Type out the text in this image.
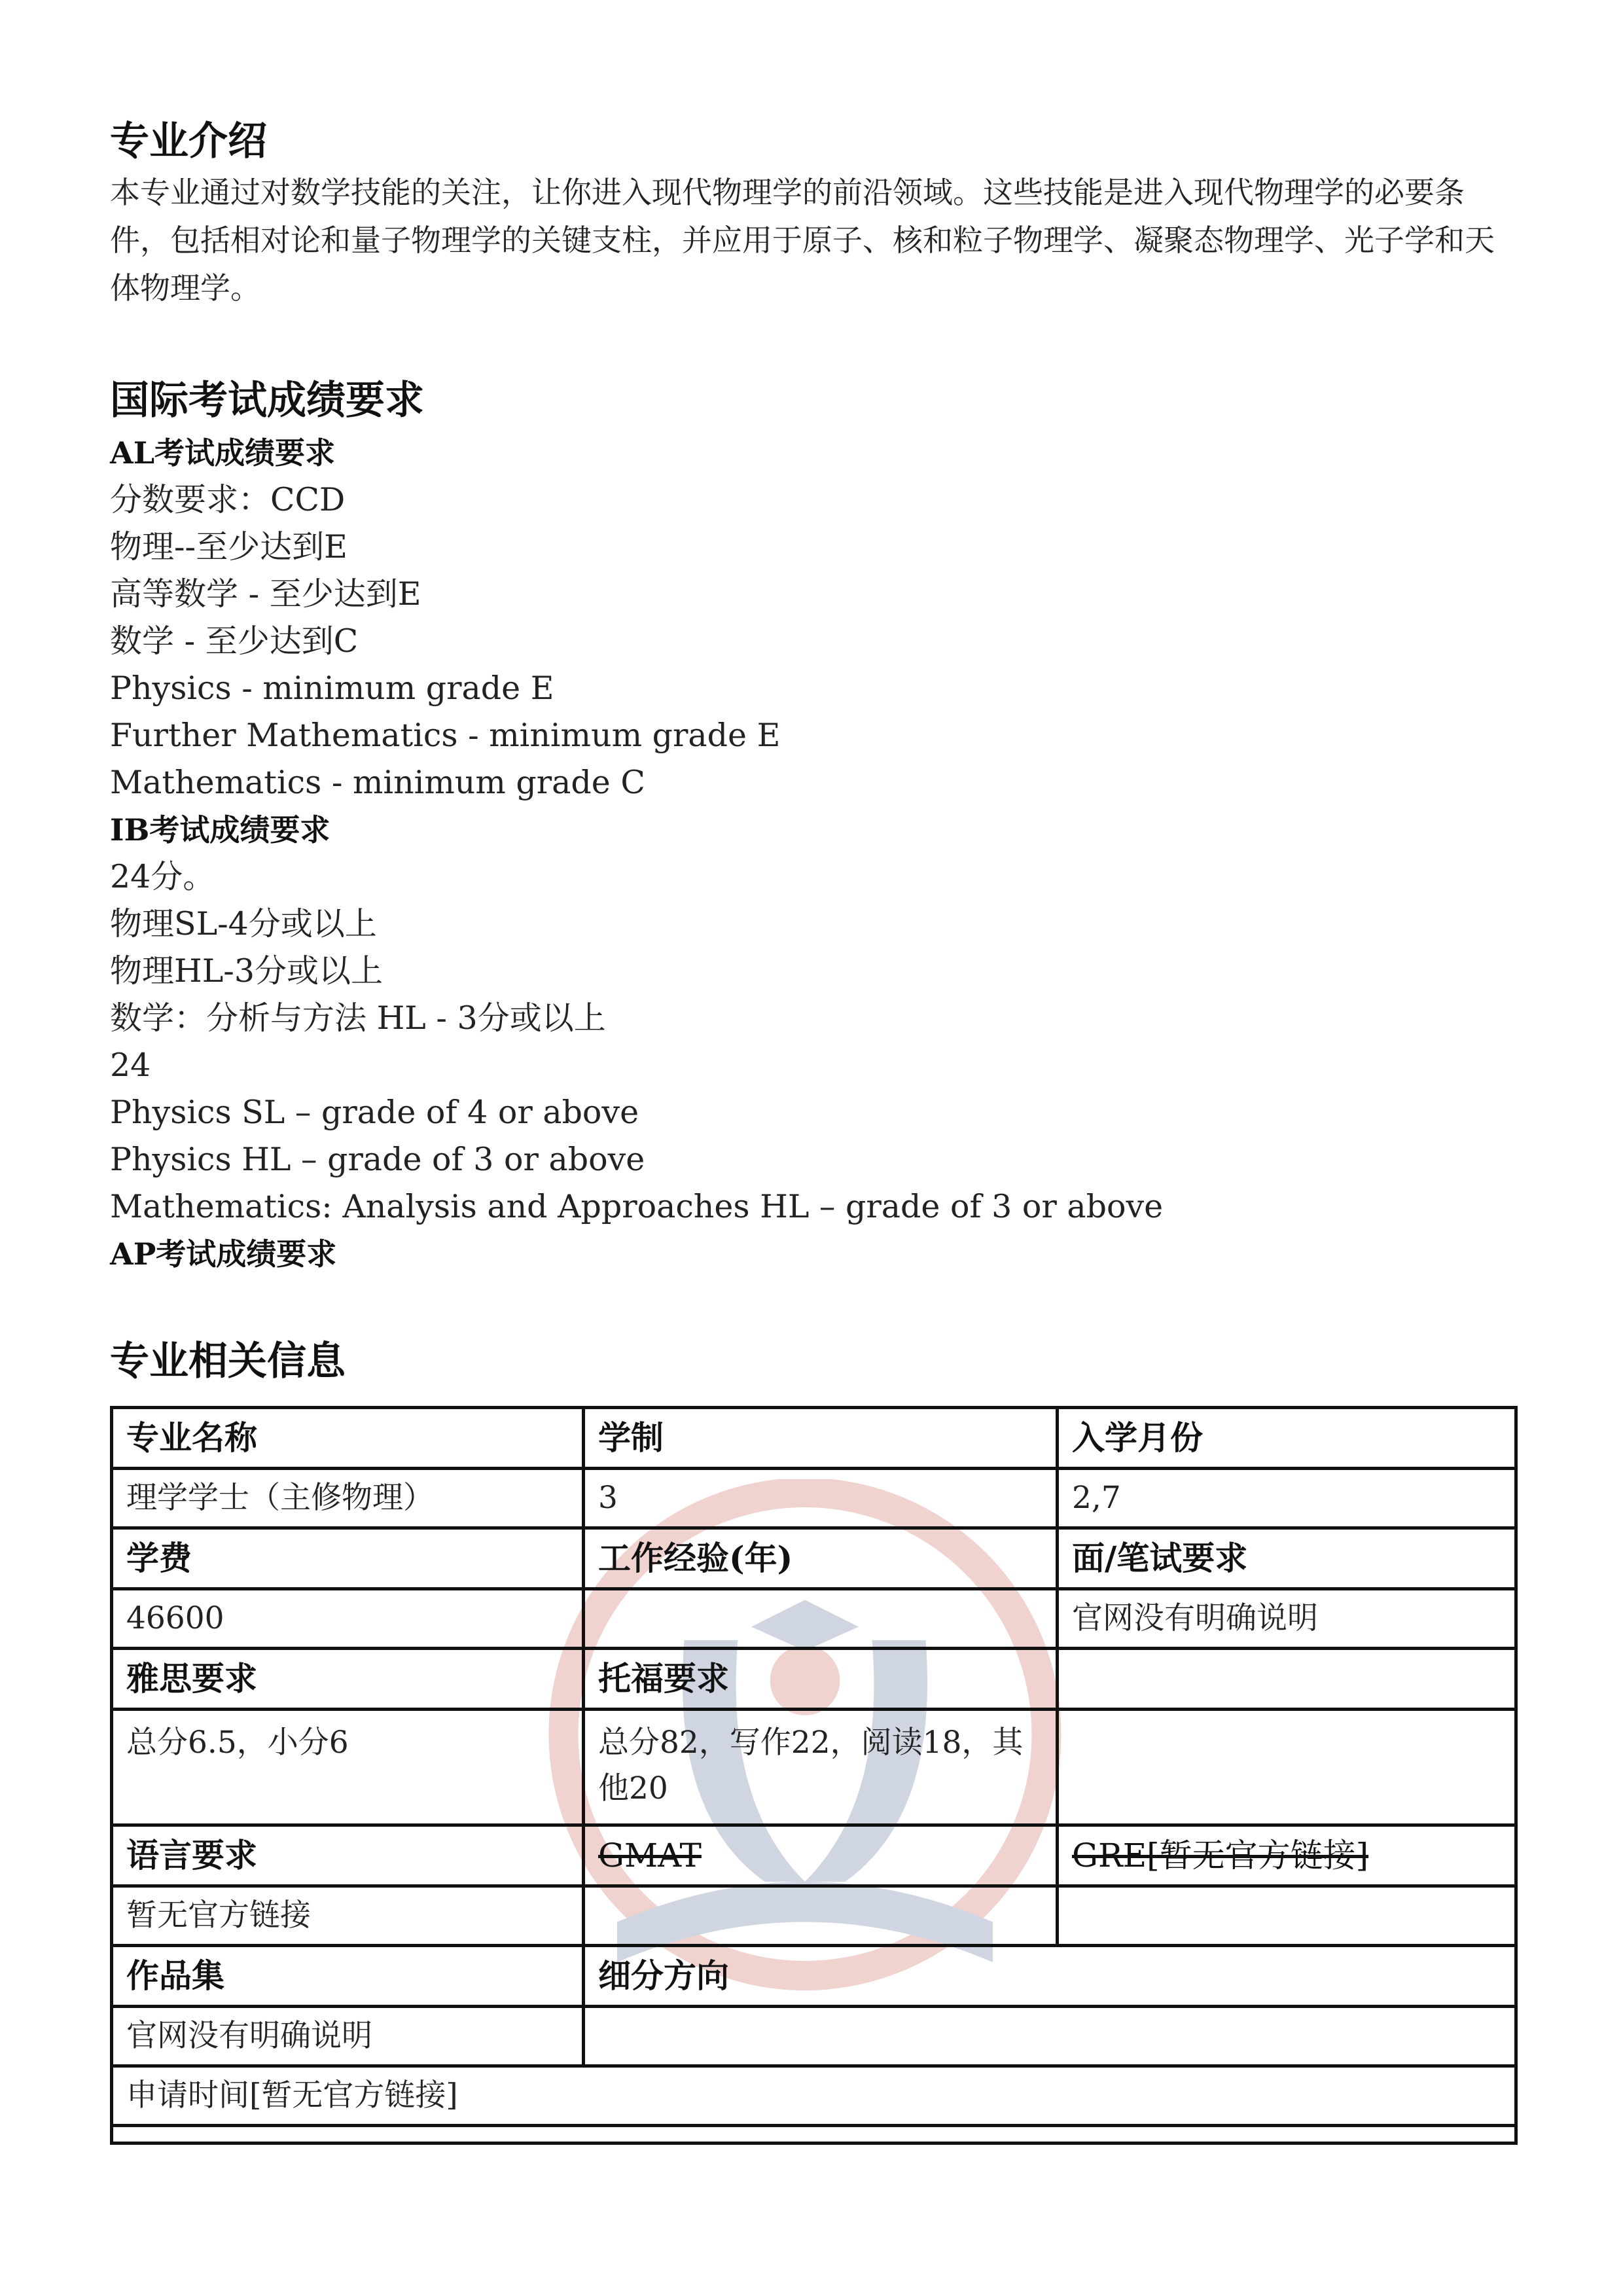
专业介绍

本专业通过对数学技能的关注，让你进入现代物理学的前沿领域。这些技能是进入现代物理学的必要条件，包括相对论和量子物理学的关键支柱，并应用于原子、核和粒子物理学、凝聚态物理学、光子学和天体物理学。

国际考试成绩要求
AL考试成绩要求
分数要求：CCD
物理--至少达到E
高等数学 - 至少达到E
数学 - 至少达到C
Physics - minimum grade E
Further Mathematics - minimum grade E
Mathematics - minimum grade C
IB考试成绩要求
24分。
物理SL-4分或以上
物理HL-3分或以上
数学：分析与方法 HL - 3分或以上
24
Physics SL – grade of 4 or above
Physics HL – grade of 3 or above
Mathematics: Analysis and Approaches HL – grade of 3 or above
AP考试成绩要求
专业相关信息
专业名称	学制	入学月份
理学学士（主修物理）	3	2,7
学费	工作经验(年)	面/笔试要求
46600		官网没有明确说明
雅思要求	托福要求	
总分6.5，小分6	总分82，写作22，阅读18，其他20	
语言要求	GMAT	GRE[暂无官方链接]
暂无官方链接		
作品集	细分方向	
官网没有明确说明		
申请时间[暂无官方链接]		
